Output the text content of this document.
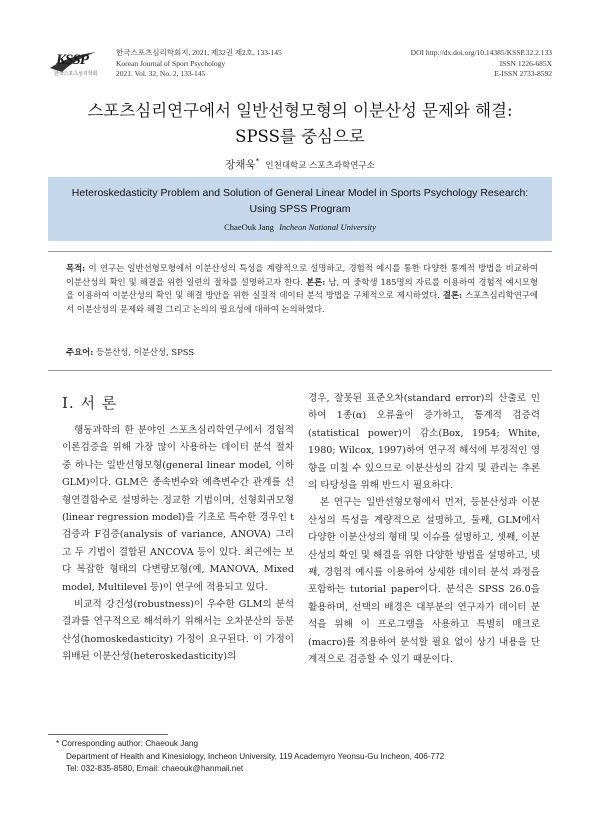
KSSP
한국스포츠심리학회
한국스포츠심리학회지, 2021, 제32권 제2호, 133-145
Korean Journal of Sport Psychology
2021. Vol. 32, No. 2, 133-145
DOI http://dx.doi.org/10.14385/KSSP.32.2.133
ISSN 1226-685X
E-ISSN 2733-8592
스포츠심리연구에서 일반선형모형의 이분산성 문제와 해결:
SPSS를 중심으로
장채욱* 인천대학교 스포츠과학연구소
Heteroskedasticity Problem and Solution of General Linear Model in Sports Psychology Research:
Using SPSS Program
ChaeOuk Jang Incheon National University
목적: 이 연구는 일반선형모형에서 이분산성의 특성을 계량적으로 설명하고, 경험적 예시를 통한 다양한 통계적 방법을 비교하여 이분산성의 확인 및 해결을 위한 일련의 절차를 설명하고자 한다. 본론: 남, 여 중학생 185명의 자료를 이용하여 경험적 예시모형을 이용하여 이분산성의 확인 및 해결 방안을 위한 실질적 데이터 분석 방법을 구체적으로 제시하였다. 결론: 스포츠심리학연구에서 이분산성의 문제와 해결 그리고 논의의 필요성에 대하여 논의하였다.
주요어: 등분산성, 이분산성, SPSS
Ⅰ. 서 론

행동과학의 한 분야인 스포츠심리학연구에서 경험적 이론검증을 위해 가장 많이 사용하는 데이터 분석 절차 중 하나는 일반선형모형(general linear model, 이하 GLM)이다. GLM은 종속변수와 예측변수간 관계를 선형연결함수로 설명하는 정교한 기법이며, 선형회귀모형(linear regression model)을 기초로 특수한 경우인 t검증과 F검증(analysis of variance, ANOVA) 그리고 두 기법이 결합된 ANCOVA 등이 있다. 최근에는 보다 복잡한 형태의 다변량모형(예, MANOVA, Mixed model, Multilevel 등)이 연구에 적용되고 있다.

비교적 강건성(robustness)이 우수한 GLM의 분석결과를 연구적으로 해석하기 위해서는 오차분산의 등분산성(homoskedasticity) 가정이 요구된다. 이 가정이 위배된 이분산성(heteroskedasticity)의

경우, 잘못된 표준오차(standard error)의 산출로 인하여 1종(α) 오류율이 증가하고, 통계적 검증력(statistical power)이 감소(Box, 1954; White, 1980; Wilcox, 1997)하여 연구적 해석에 부정적인 영향을 미칠 수 있으므로 이분산성의 감지 및 관리는 추론의 타당성을 위해 반드시 필요하다.

본 연구는 일반선형모형에서 먼저, 등분산성과 이분산성의 특성을 계량적으로 설명하고, 둘째, GLM에서 다양한 이분산성의 형태 및 이슈를 설명하고, 셋째, 이분산성의 확인 및 해결을 위한 다양한 방법을 설명하고, 넷째, 경험적 예시를 이용하여 상세한 데이터 분석 과정을 포함하는 tutorial paper이다. 분석은 SPSS 26.0을 활용하며, 선택의 배경은 대부분의 연구자가 데이터 분석을 위해 이 프로그램을 사용하고 특별히 매크로(macro)를 적용하여 분석할 필요 없이 상기 내용을 단계적으로 검증할 수 있기 때문이다.

* Corresponding author: Chaeouk Jang
Department of Health and Kinesiology, Incheon University, 119 Academyro Yeonsu-Gu Incheon, 406-772
Tel: 032-835-8580, Email: chaeouk@hanmail.net
